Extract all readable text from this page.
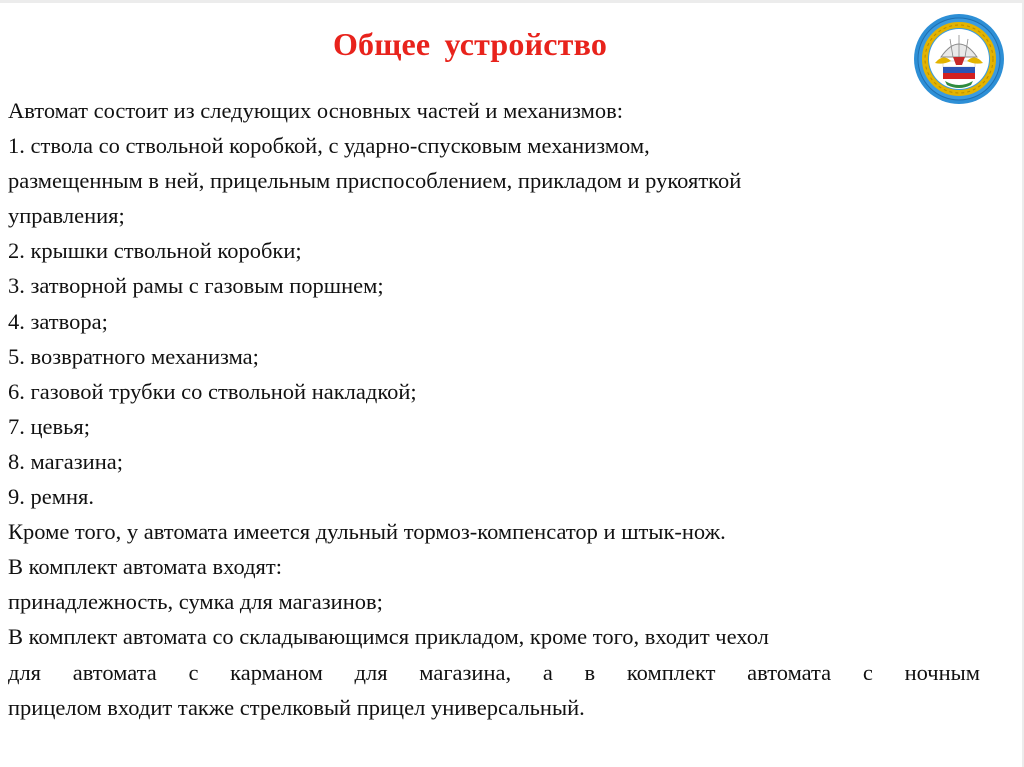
Общее устройство
Автомат состоит из следующих основных частей и механизмов:
1. ствола со ствольной коробкой, с ударно-спусковым механизмом,
размещенным в ней, прицельным приспособлением, прикладом и рукояткой
управления;
2. крышки ствольной коробки;
3. затворной рамы с газовым поршнем;
4. затвора;
5. возвратного механизма;
6. газовой трубки со ствольной накладкой;
7. цевья;
8. магазина;
9. ремня.
Кроме того, у автомата имеется дульный тормоз-компенсатор и штык-нож.
В комплект автомата входят:
принадлежность, сумка для магазинов;
В комплект автомата со складывающимся прикладом, кроме того, входит чехол
для автомата с карманом для магазина, а в комплект автомата с ночным
прицелом входит также стрелковый прицел универсальный.
